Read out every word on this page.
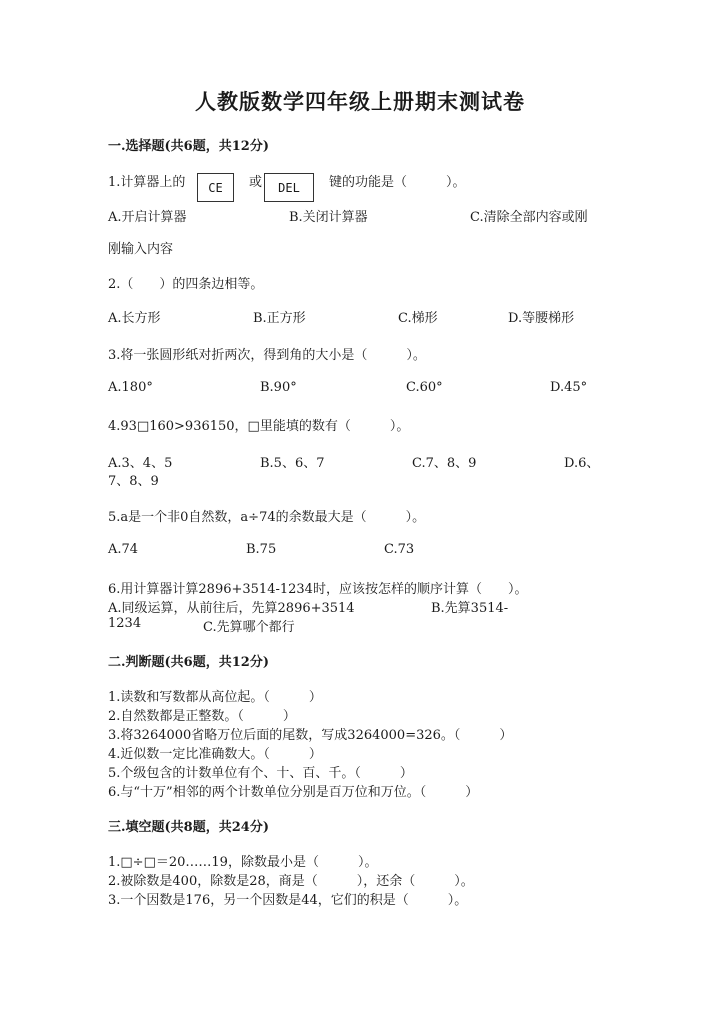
人教版数学四年级上册期末测试卷
一.选择题(共6题，共12分)
1.计算器上的	CE	或	DEL	键的功能是（　　　）。
A.开启计算器	B.关闭计算器	C.清除全部内容或刚
刚输入内容
2.（　　）的四条边相等。
A.长方形	B.正方形	C.梯形	D.等腰梯形
3.将一张圆形纸对折两次，得到角的大小是（　　　）。
A.180°	B.90°	C.60°	D.45°
4.93□160>936150，□里能填的数有（　　　）。
A.3、4、5	B.5、6、7	C.7、8、9	D.6、
7、8、9
5.a是一个非0自然数，a÷74的余数最大是（　　　）。
A.74	B.75	C.73
6.用计算器计算2896+3514-1234时，应该按怎样的顺序计算（　　）。
A.同级运算，从前往后，先算2896+3514	B.先算3514-
1234	C.先算哪个都行
二.判断题(共6题，共12分)
1.读数和写数都从高位起。（　　　）
2.自然数都是正整数。（　　　）
3.将3264000省略万位后面的尾数，写成3264000=326。（　　　）
4.近似数一定比准确数大。（　　　）
5.个级包含的计数单位有个、十、百、千。（　　　）
6.与“十万”相邻的两个计数单位分别是百万位和万位。（　　　）
三.填空题(共8题，共24分)
1.□÷□＝20……19，除数最小是（　　　）。
2.被除数是400，除数是28，商是（　　　），还余（　　　）。
3.一个因数是176，另一个因数是44，它们的积是（　　　）。
